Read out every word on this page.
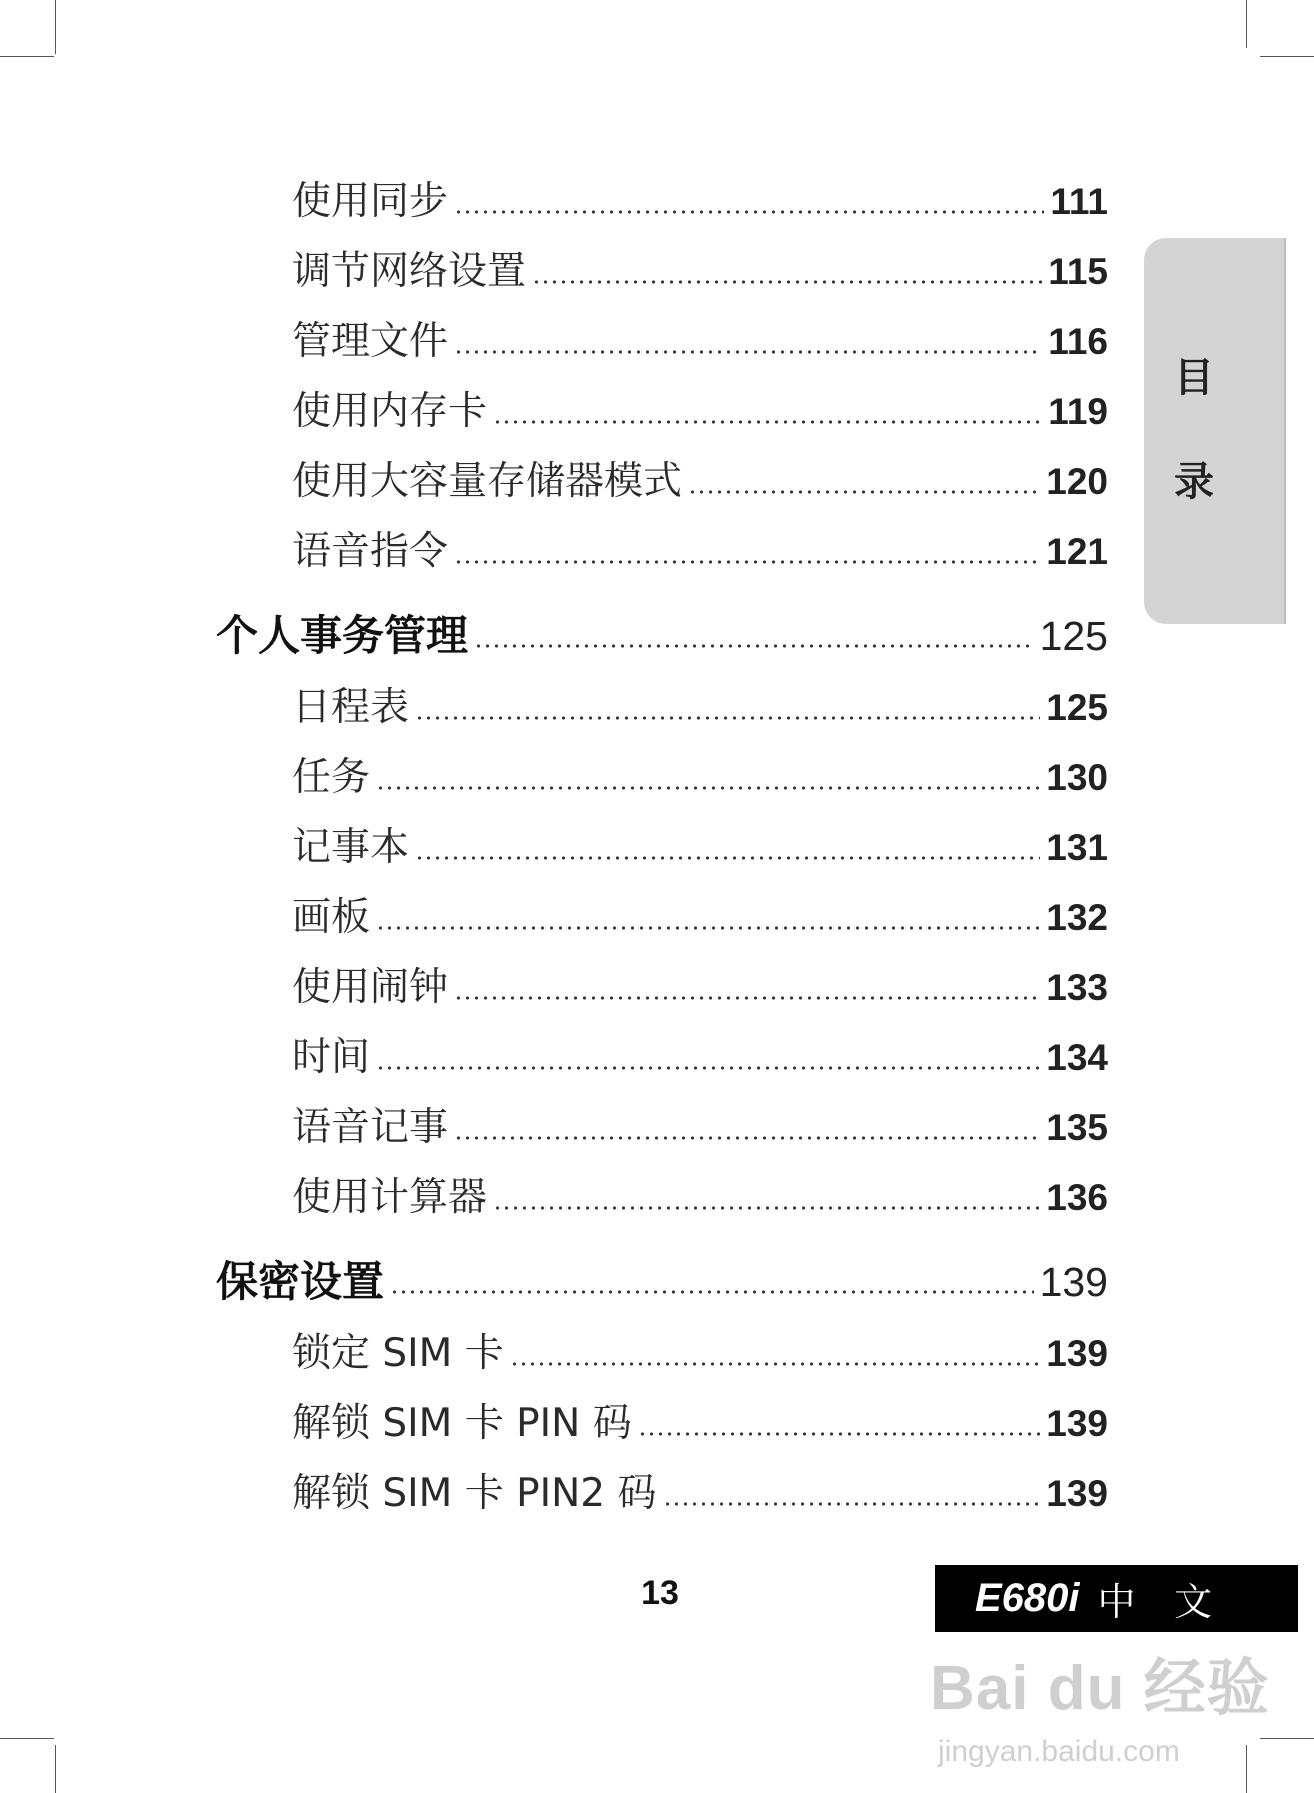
使用同步	111
调节网络设置	115
管理文件	116
使用内存卡	119
使用大容量存储器模式	120
语音指令	121
个人事务管理	125
日程表	125
任务	130
记事本	131
画板	132
使用闹钟	133
时间	134
语音记事	135
使用计算器	136
保密设置	139
锁定 SIM 卡	139
解锁 SIM 卡 PIN 码	139
解锁 SIM 卡 PIN2 码	139
目
录
13	E680i 中 文
Bai du 经验
jingyan.baidu.com
